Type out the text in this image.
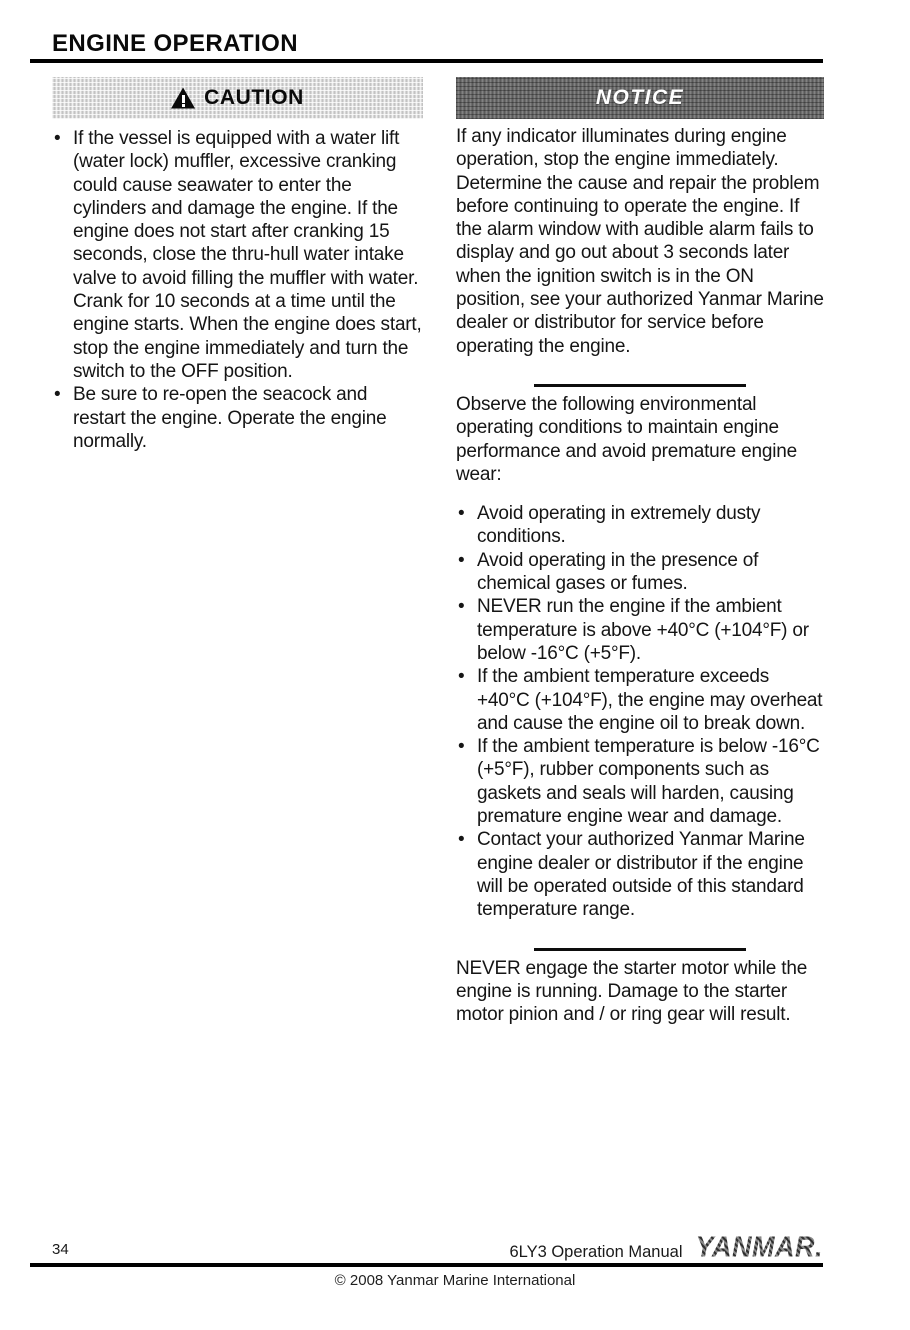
ENGINE OPERATION
CAUTION
• If the vessel is equipped with a water lift (water lock) muffler, excessive cranking could cause seawater to enter the cylinders and damage the engine. If the engine does not start after cranking 15 seconds, close the thru-hull water intake valve to avoid filling the muffler with water. Crank for 10 seconds at a time until the engine starts. When the engine does start, stop the engine immediately and turn the switch to the OFF position.
• Be sure to re-open the seacock and restart the engine. Operate the engine normally.
NOTICE

If any indicator illuminates during engine operation, stop the engine immediately. Determine the cause and repair the problem before continuing to operate the engine. If the alarm window with audible alarm fails to display and go out about 3 seconds later when the ignition switch is in the ON position, see your authorized Yanmar Marine dealer or distributor for service before operating the engine.

Observe the following environmental operating conditions to maintain engine performance and avoid premature engine wear:

• Avoid operating in extremely dusty conditions.
• Avoid operating in the presence of chemical gases or fumes.
• NEVER run the engine if the ambient temperature is above +40°C (+104°F) or below -16°C (+5°F).
• If the ambient temperature exceeds +40°C (+104°F), the engine may overheat and cause the engine oil to break down.
• If the ambient temperature is below -16°C (+5°F), rubber components such as gaskets and seals will harden, causing premature engine wear and damage.
• Contact your authorized Yanmar Marine engine dealer or distributor if the engine will be operated outside of this standard temperature range.

NEVER engage the starter motor while the engine is running. Damage to the starter motor pinion and / or ring gear will result.

34	6LY3 Operation Manual YANMAR.
© 2008 Yanmar Marine International
